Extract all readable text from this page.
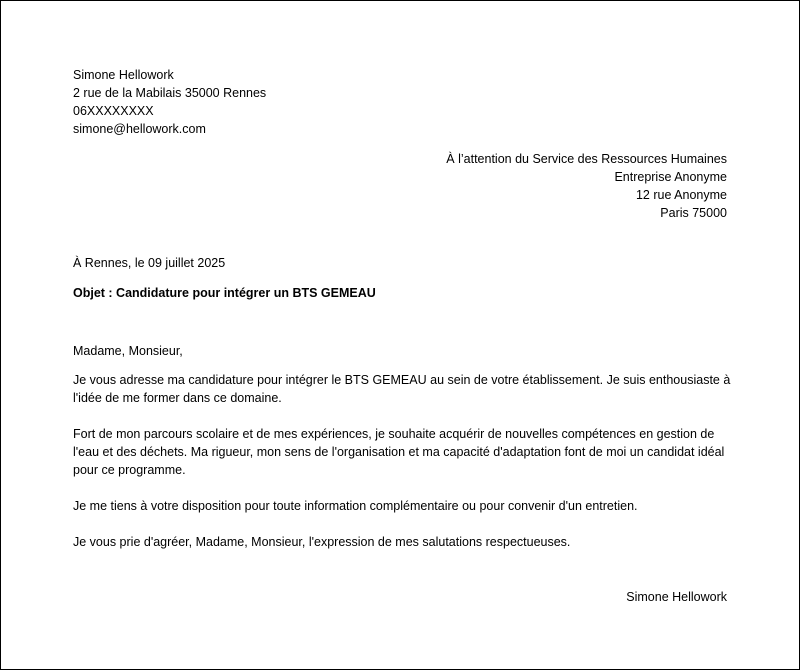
Simone Hellowork
2 rue de la Mabilais 35000 Rennes
06XXXXXXXX
simone@hellowork.com
À l’attention du Service des Ressources Humaines
Entreprise Anonyme
12 rue Anonyme
Paris 75000
À Rennes, le 09 juillet 2025
Objet : Candidature pour intégrer un BTS GEMEAU

Madame, Monsieur,

Je vous adresse ma candidature pour intégrer le BTS GEMEAU au sein de votre établissement. Je suis enthousiaste à l'idée de me former dans ce domaine.

Fort de mon parcours scolaire et de mes expériences, je souhaite acquérir de nouvelles compétences en gestion de l'eau et des déchets. Ma rigueur, mon sens de l'organisation et ma capacité d'adaptation font de moi un candidat idéal pour ce programme.

Je me tiens à votre disposition pour toute information complémentaire ou pour convenir d'un entretien.

Je vous prie d'agréer, Madame, Monsieur, l'expression de mes salutations respectueuses.

Simone Hellowork
